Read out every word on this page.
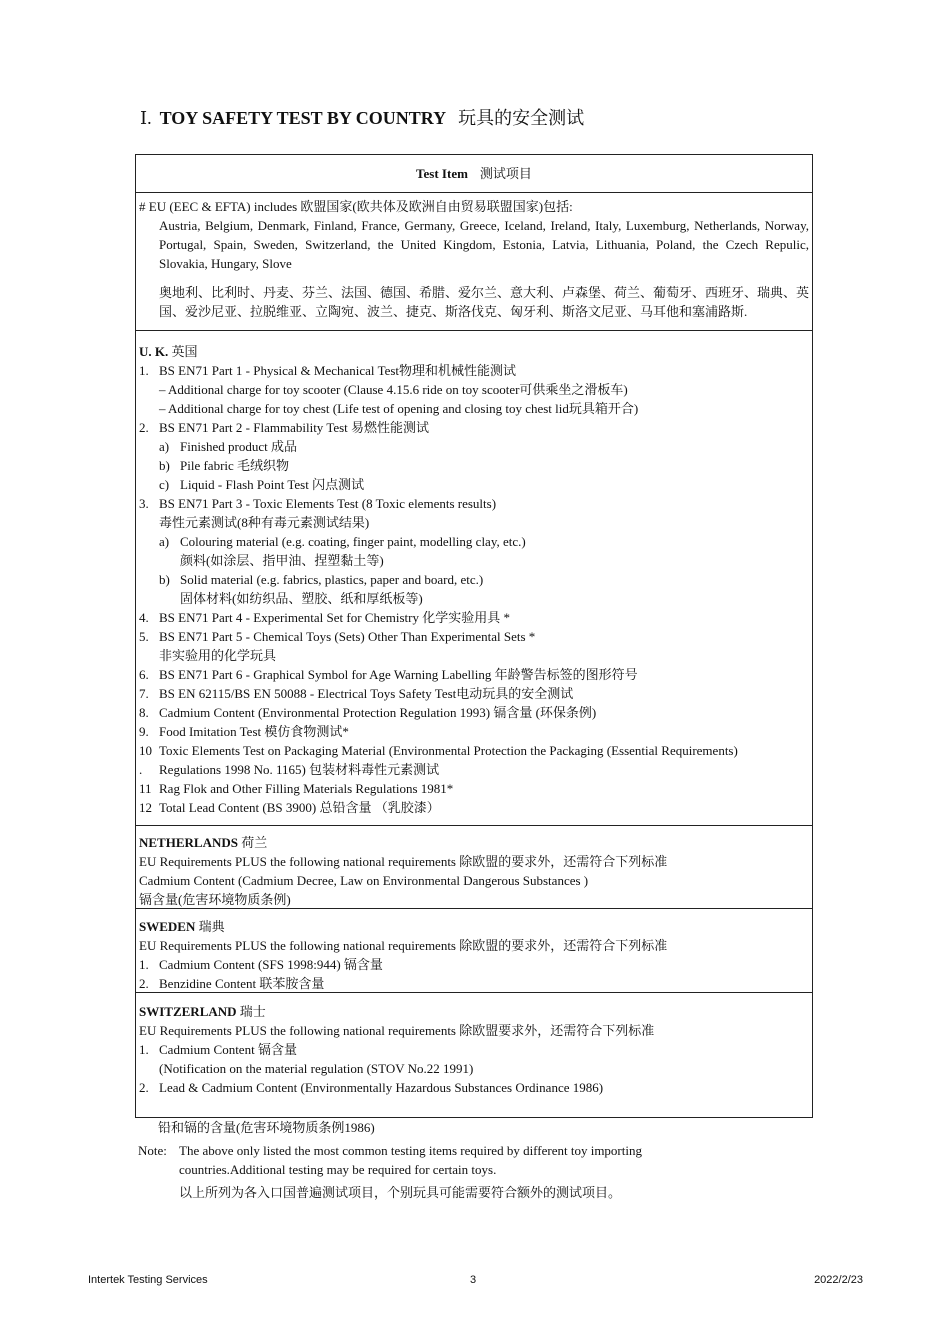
Ⅰ. TOY SAFETY TEST BY COUNTRY 玩具的安全测试
Test Item 测试项目
# EU (EEC & EFTA) includes 欧盟国家(欧共体及欧洲自由贸易联盟国家)包括:
Austria, Belgium, Denmark, Finland, France, Germany, Greece, Iceland, Ireland, Italy, Luxemburg, Netherlands, Norway, Portugal, Spain, Sweden, Switzerland, the United Kingdom, Estonia, Latvia, Lithuania, Poland, the Czech Repulic, Slovakia, Hungary, Slove
奥地利、比利时、丹麦、芬兰、法国、德国、希腊、爱尔兰、意大利、卢森堡、荷兰、葡萄牙、西班牙、瑞典、英国、爱沙尼亚、拉脱维亚、立陶宛、波兰、捷克、斯洛伐克、匈牙利、斯洛文尼亚、马耳他和塞浦路斯.
U. K. 英国
1. BS EN71 Part 1 - Physical & Mechanical Test物理和机械性能测试
– Additional charge for toy scooter (Clause 4.15.6 ride on toy scooter可供乘坐之滑板车)
– Additional charge for toy chest (Life test of opening and closing toy chest lid玩具箱开合)
2. BS EN71 Part 2 - Flammability Test 易燃性能测试
a) Finished product 成品
b) Pile fabric 毛绒织物
c) Liquid - Flash Point Test 闪点测试
3. BS EN71 Part 3 - Toxic Elements Test (8 Toxic elements results)
毒性元素测试(8种有毒元素测试结果)
a) Colouring material (e.g. coating, finger paint, modelling clay, etc.)
颜料(如涂层、指甲油、捏塑黏土等)
b) Solid material (e.g. fabrics, plastics, paper and board, etc.)
固体材料(如纺织品、塑胶、纸和厚纸板等)
4. BS EN71 Part 4 - Experimental Set for Chemistry 化学实验用具 *
5. BS EN71 Part 5 - Chemical Toys (Sets) Other Than Experimental Sets *
非实验用的化学玩具
6. BS EN71 Part 6 - Graphical Symbol for Age Warning Labelling 年龄警告标签的图形符号
7. BS EN 62115/BS EN 50088 - Electrical Toys Safety Test电动玩具的安全测试
8. Cadmium Content (Environmental Protection Regulation 1993) 镉含量 (环保条例)
9. Food Imitation Test 模仿食物测试*
10 Toxic Elements Test on Packaging Material (Environmental Protection the Packaging (Essential Requirements)
.	Regulations 1998 No. 1165) 包装材料毒性元素测试
11 Rag Flok and Other Filling Materials Regulations 1981*
12 Total Lead Content (BS 3900) 总铅含量 （乳胶漆）
NETHERLANDS 荷兰
EU Requirements PLUS the following national requirements 除欧盟的要求外，还需符合下列标准
Cadmium Content (Cadmium Decree, Law on Environmental Dangerous Substances )
镉含量(危害环境物质条例)
SWEDEN 瑞典
EU Requirements PLUS the following national requirements 除欧盟的要求外，还需符合下列标准
1. Cadmium Content (SFS 1998:944) 镉含量
2. Benzidine Content 联苯胺含量
SWITZERLAND 瑞士
EU Requirements PLUS the following national requirements 除欧盟要求外，还需符合下列标准
1. Cadmium Content 镉含量
(Notification on the material regulation (STOV No.22 1991)
2. Lead & Cadmium Content (Environmentally Hazardous Substances Ordinance 1986)
铅和镉的含量(危害环境物质条例1986)
Note: The above only listed the most common testing items required by different toy importing
countries.Additional testing may be required for certain toys.
以上所列为各入口国普遍测试项目，个别玩具可能需要符合额外的测试项目。
Intertek Testing Services	3	2022/2/23
